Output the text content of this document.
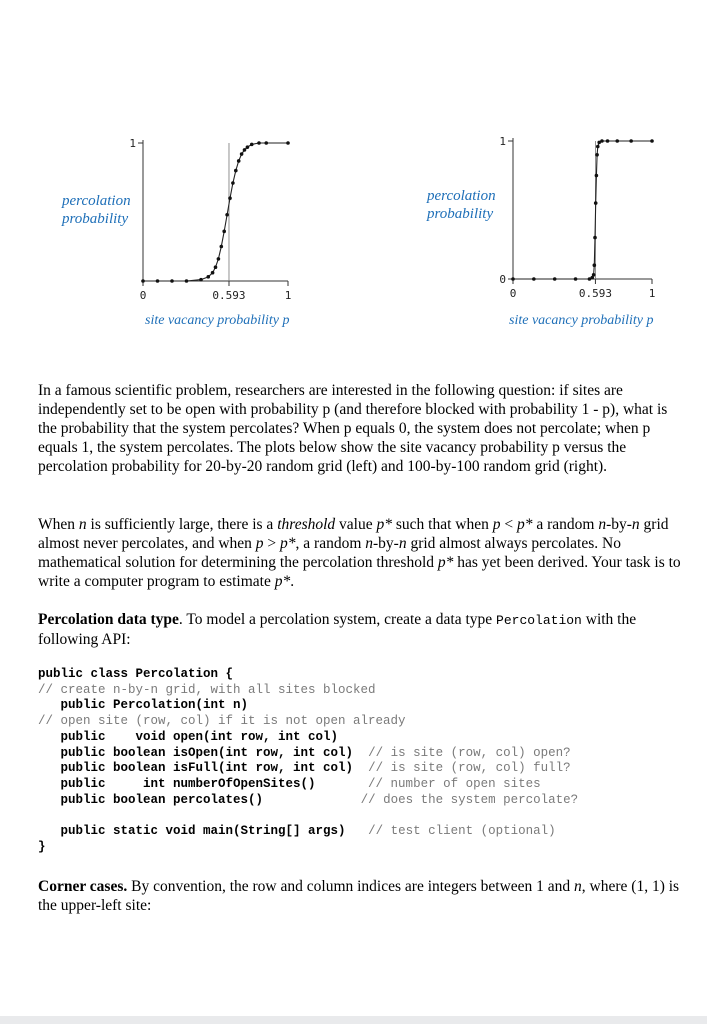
1
0	0.593	1
percolation
probability
site vacancy probability p
1
0
0	0.593	1
percolation
probability
site vacancy probability p

In a famous scientific problem, researchers are interested in the following question: if sites are independently set to be open with probability p (and therefore blocked with probability 1 - p), what is the probability that the system percolates? When p equals 0, the system does not percolate; when p equals 1, the system percolates. The plots below show the site vacancy probability p versus the percolation probability for 20-by-20 random grid (left) and 100-by-100 random grid (right).

When n is sufficiently large, there is a threshold value p* such that when p < p* a random n-by-n grid almost never percolates, and when p > p*, a random n-by-n grid almost always percolates. No mathematical solution for determining the percolation threshold p* has yet been derived. Your task is to write a computer program to estimate p*.

Percolation data type. To model a percolation system, create a data type Percolation with the following API:

public class Percolation {
// create n-by-n grid, with all sites blocked
public Percolation(int n)
// open site (row, col) if it is not open already
public    void open(int row, int col)
public boolean isOpen(int row, int col)  // is site (row, col) open?
public boolean isFull(int row, int col)  // is site (row, col) full?
public     int numberOfOpenSites()       // number of open sites
public boolean percolates()             // does the system percolate?

public static void main(String[] args)   // test client (optional)
}

Corner cases. By convention, the row and column indices are integers between 1 and n, where (1, 1) is the upper-left site:
